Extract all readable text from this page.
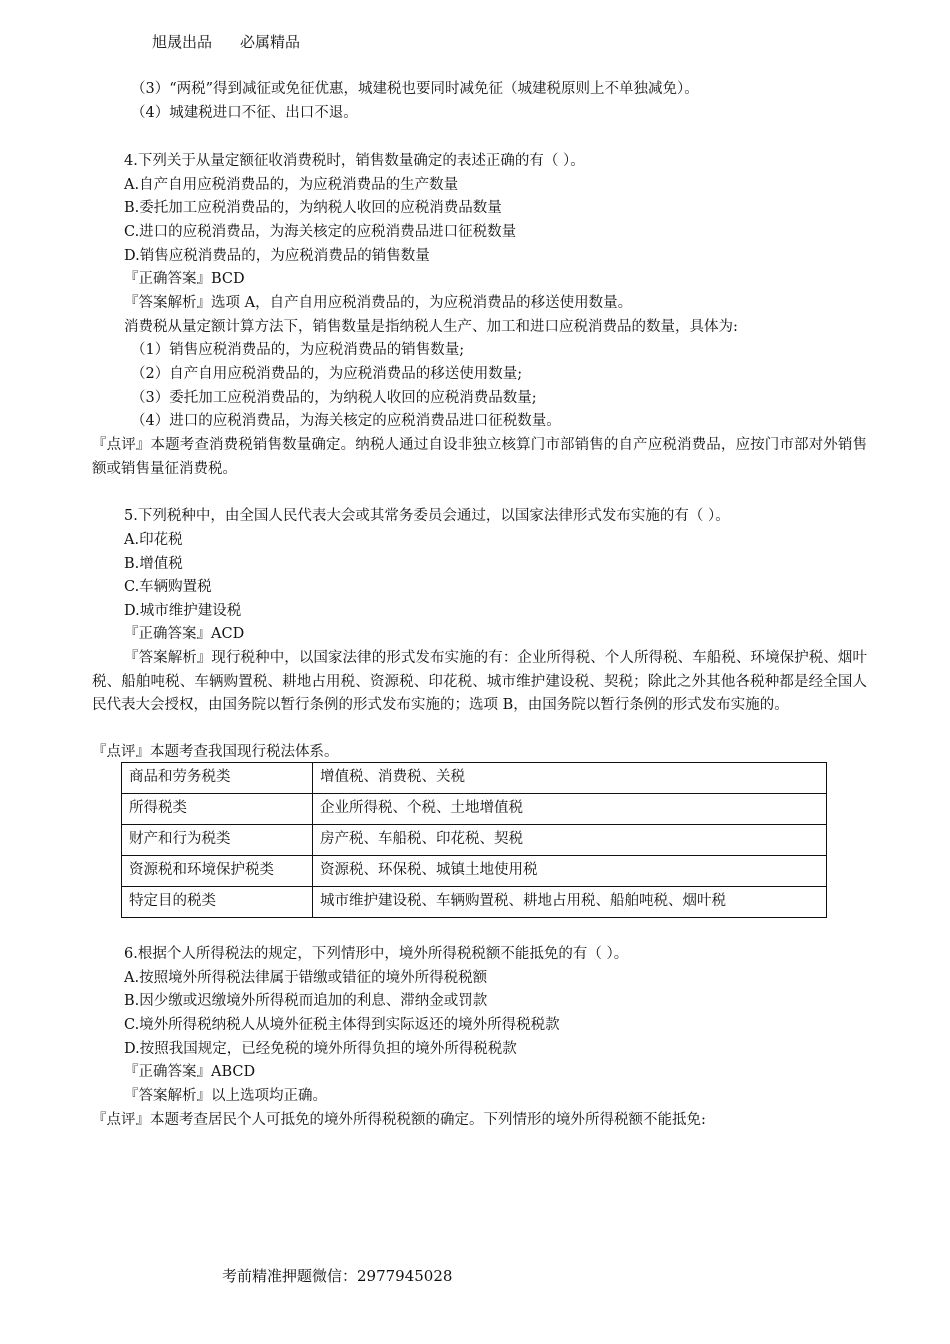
旭晟出品 必属精品
（3）“两税”得到减征或免征优惠，城建税也要同时减免征（城建税原则上不单独减免）。
（4）城建税进口不征、出口不退。
4.下列关于从量定额征收消费税时，销售数量确定的表述正确的有（ ）。
A.自产自用应税消费品的，为应税消费品的生产数量
B.委托加工应税消费品的，为纳税人收回的应税消费品数量
C.进口的应税消费品，为海关核定的应税消费品进口征税数量
D.销售应税消费品的，为应税消费品的销售数量
『正确答案』BCD
『答案解析』选项 A，自产自用应税消费品的，为应税消费品的移送使用数量。
消费税从量定额计算方法下，销售数量是指纳税人生产、加工和进口应税消费品的数量，具体为:
（1）销售应税消费品的，为应税消费品的销售数量;
（2）自产自用应税消费品的，为应税消费品的移送使用数量;
（3）委托加工应税消费品的，为纳税人收回的应税消费品数量;
（4）进口的应税消费品，为海关核定的应税消费品进口征税数量。
『点评』本题考查消费税销售数量确定。纳税人通过自设非独立核算门市部销售的自产应税消费品，应按门市部对外销售额或销售量征消费税。
5.下列税种中，由全国人民代表大会或其常务委员会通过，以国家法律形式发布实施的有（ ）。
A.印花税
B.增值税
C.车辆购置税
D.城市维护建设税
『正确答案』ACD
『答案解析』现行税种中，以国家法律的形式发布实施的有：企业所得税、个人所得税、车船税、环境保护税、烟叶税、船舶吨税、车辆购置税、耕地占用税、资源税、印花税、城市维护建设税、契税；除此之外其他各税种都是经全国人民代表大会授权，由国务院以暂行条例的形式发布实施的；选项 B，由国务院以暂行条例的形式发布实施的。
『点评』本题考查我国现行税法体系。
商品和劳务税类	增值税、消费税、关税
所得税类	企业所得税、个税、土地增值税
财产和行为税类	房产税、车船税、印花税、契税
资源税和环境保护税类	资源税、环保税、城镇土地使用税
特定目的税类	城市维护建设税、车辆购置税、耕地占用税、船舶吨税、烟叶税
6.根据个人所得税法的规定，下列情形中，境外所得税税额不能抵免的有（ ）。
A.按照境外所得税法律属于错缴或错征的境外所得税税额
B.因少缴或迟缴境外所得税而追加的利息、滞纳金或罚款
C.境外所得税纳税人从境外征税主体得到实际返还的境外所得税税款
D.按照我国规定，已经免税的境外所得负担的境外所得税税款
『正确答案』ABCD
『答案解析』以上选项均正确。
『点评』本题考查居民个人可抵免的境外所得税税额的确定。下列情形的境外所得税额不能抵免:
考前精准押题微信：2977945028
